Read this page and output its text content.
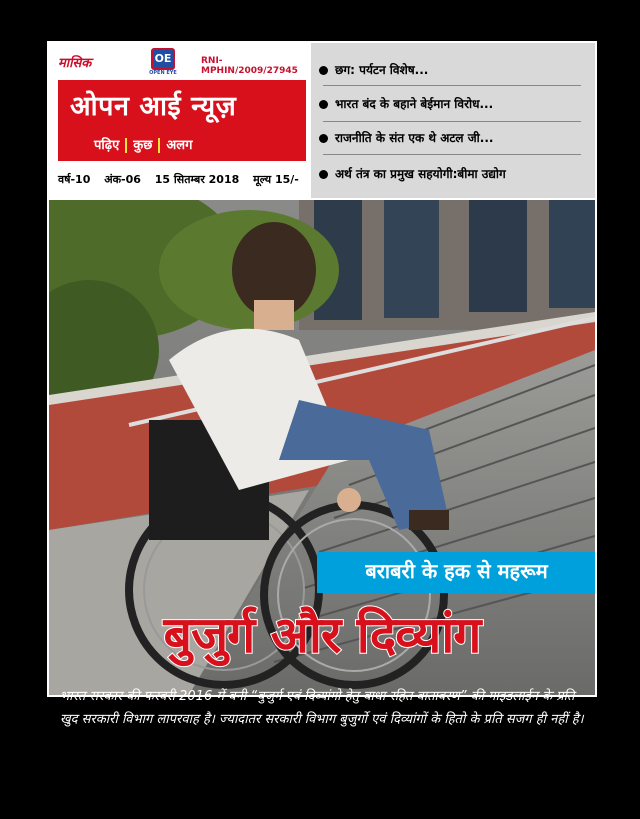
मासिक	OE
OPEN EYE
RNI-MPHIN/2009/27945
ओपन आई न्यूज़
पढ़िए कुछ अलग
वर्ष-10 अंक-06 15 सितम्बर 2018 मूल्य 15/-
छग: पर्यटन विशेष...
भारत बंद के बहाने बेईमान विरोध...
राजनीति के संत एक थे अटल जी...
अर्थ तंत्र का प्रमुख सहयोगी:बीमा उद्योग
बराबरी के हक से महरूम
बुजुर्ग और दिव्यांग
भारत सरकार की फरवरी 2016 में बनी “बुजुर्ग एवं दिव्यांगो हेतु बाधा रहित वातावरण” की गाइडलाईन के प्रति खुद सरकारी विभाग लापरवाह है। ज्यादातर सरकारी विभाग बुजुर्गो एवं दिव्यांगों के हितो के प्रति सजग ही नहीं है।
